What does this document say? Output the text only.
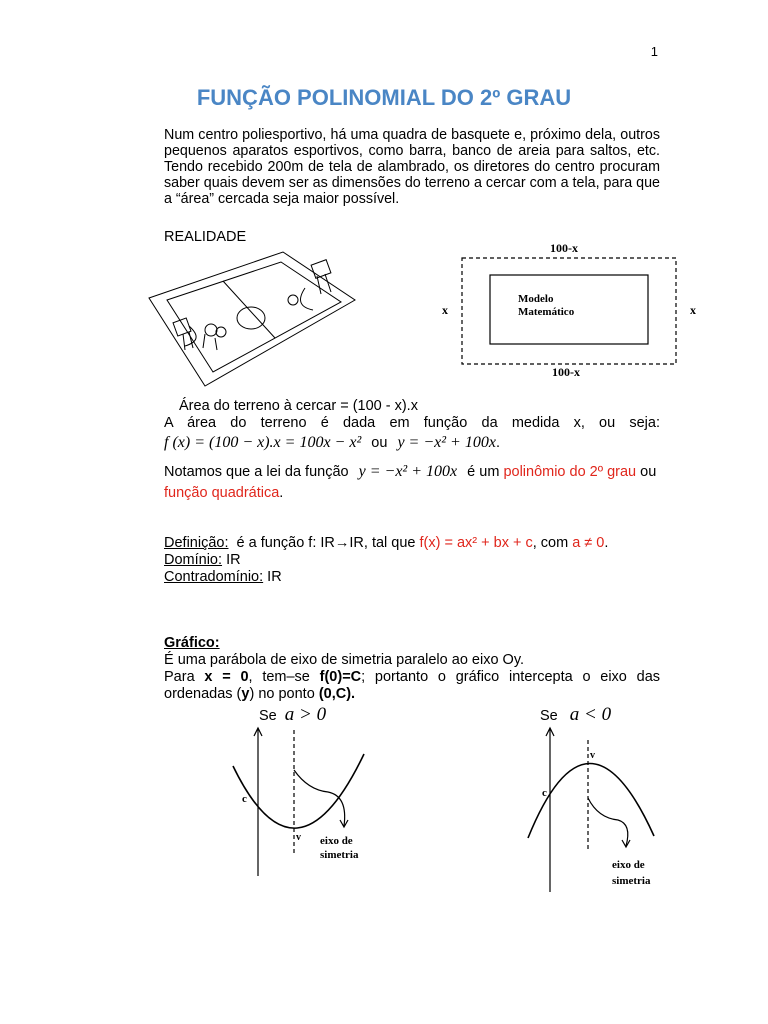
1
FUNÇÃO POLINOMIAL DO 2º GRAU
Num centro poliesportivo, há uma quadra de basquete e, próximo dela, outros pequenos aparatos esportivos, como barra, banco de areia para saltos, etc. Tendo recebido 200m de tela de alambrado, os diretores do centro procuram saber quais devem ser as dimensões do terreno a cercar com a tela, para que a “área” cercada seja maior possível.
REALIDADE
100-x
100-x
x	x
Modelo
Matemático
Área do terreno à cercar = (100 - x).x
A área do terreno é dada em função da medida x, ou seja:
f (x) = (100 − x).x = 100x − x² ou y = −x² + 100x.
Notamos que a lei da função y = −x² + 100x é um polinômio do 2º grau ou função quadrática.
Definição: é a função f: IR→IR, tal que f(x) = ax² + bx + c, com a ≠ 0.
Domínio: IR
Contradomínio: IR
Gráfico:
É uma parábola de eixo de simetria paralelo ao eixo Oy.
Para x = 0, tem–se f(0)=C; portanto o gráfico intercepta o eixo das ordenadas (y) no ponto (0,C).
Se a > 0
c
v eixo de
simetria
Se a < 0
c
v
eixo de
simetria
